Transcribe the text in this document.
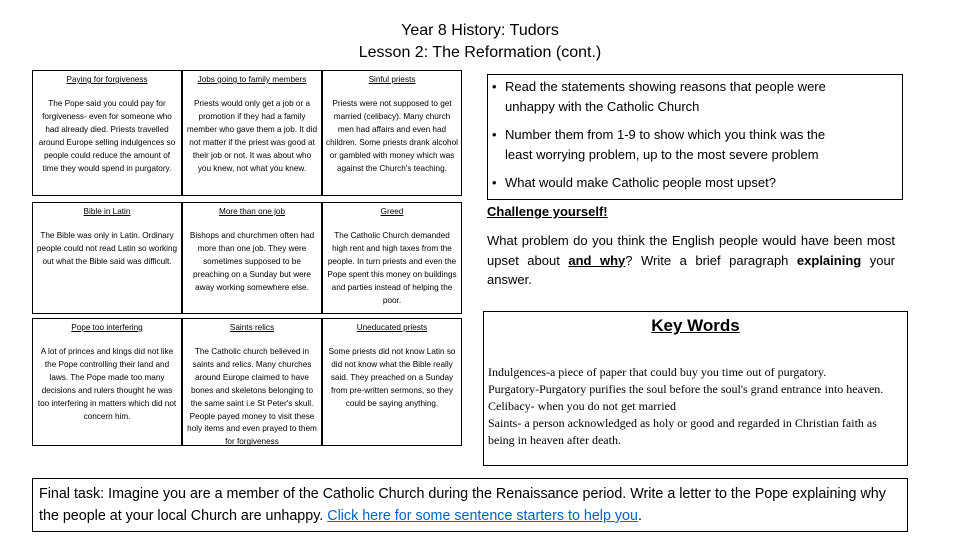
Year 8 History: Tudors
Lesson 2: The Reformation (cont.)
Paying for forgiveness
The Pope said you could pay for forgiveness- even for someone who had already died. Priests travelled around Europe selling indulgences so people could reduce the amount of time they would spend in purgatory.
Jobs going to family members
Priests would only get a job or a promotion if they had a family member who gave them a job. It did not matter if the priest was good at their job or not. It was about who you knew, not what you knew.
Sinful priests
Priests were not supposed to get married (celibacy). Many church men had affairs and even had children. Some priests drank alcohol or gambled with money which was against the Church's teaching.
Bible in Latin
The Bible was only in Latin. Ordinary people could not read Latin so working out what the Bible said was difficult.
More than one job
Bishops and churchmen often had more than one job. They were sometimes supposed to be preaching on a Sunday but were away working somewhere else.
Greed
The Catholic Church demanded high rent and high taxes from the people. In turn priests and even the Pope spent this money on buildings and parties instead of helping the poor.
Pope too interfering
A lot of princes and kings did not like the Pope controlling their land and laws. The Pope made too many decisions and rulers thought he was too interfering in matters which did not concern him.
Saints relics
The Catholic church believed in saints and relics. Many churches around Europe claimed to have bones and skeletons belonging to the same saint i.e St Peter's skull. People payed money to visit these holy items and even prayed to them for forgiveness
Uneducated priests
Some priests did not know Latin so did not know what the Bible really said. They preached on a Sunday from pre-written sermons, so they could be saying anything.
• Read the statements showing reasons that people were
unhappy with the Catholic Church
• Number them from 1-9 to show which you think was the
least worrying problem, up to the most severe problem
• What would make Catholic people most upset?
Challenge yourself!
What problem do you think the English people would have been most upset about and why? Write a brief paragraph explaining your answer.
Key Words
Indulgences-a piece of paper that could buy you time out of purgatory.
Purgatory-Purgatory purifies the soul before the soul's grand entrance into heaven.
Celibacy- when you do not get married
Saints- a person acknowledged as holy or good and regarded in Christian faith as being in heaven after death.
Final task: Imagine you are a member of the Catholic Church during the Renaissance period. Write a letter to the Pope explaining why the people at your local Church are unhappy. Click here for some sentence starters to help you.
